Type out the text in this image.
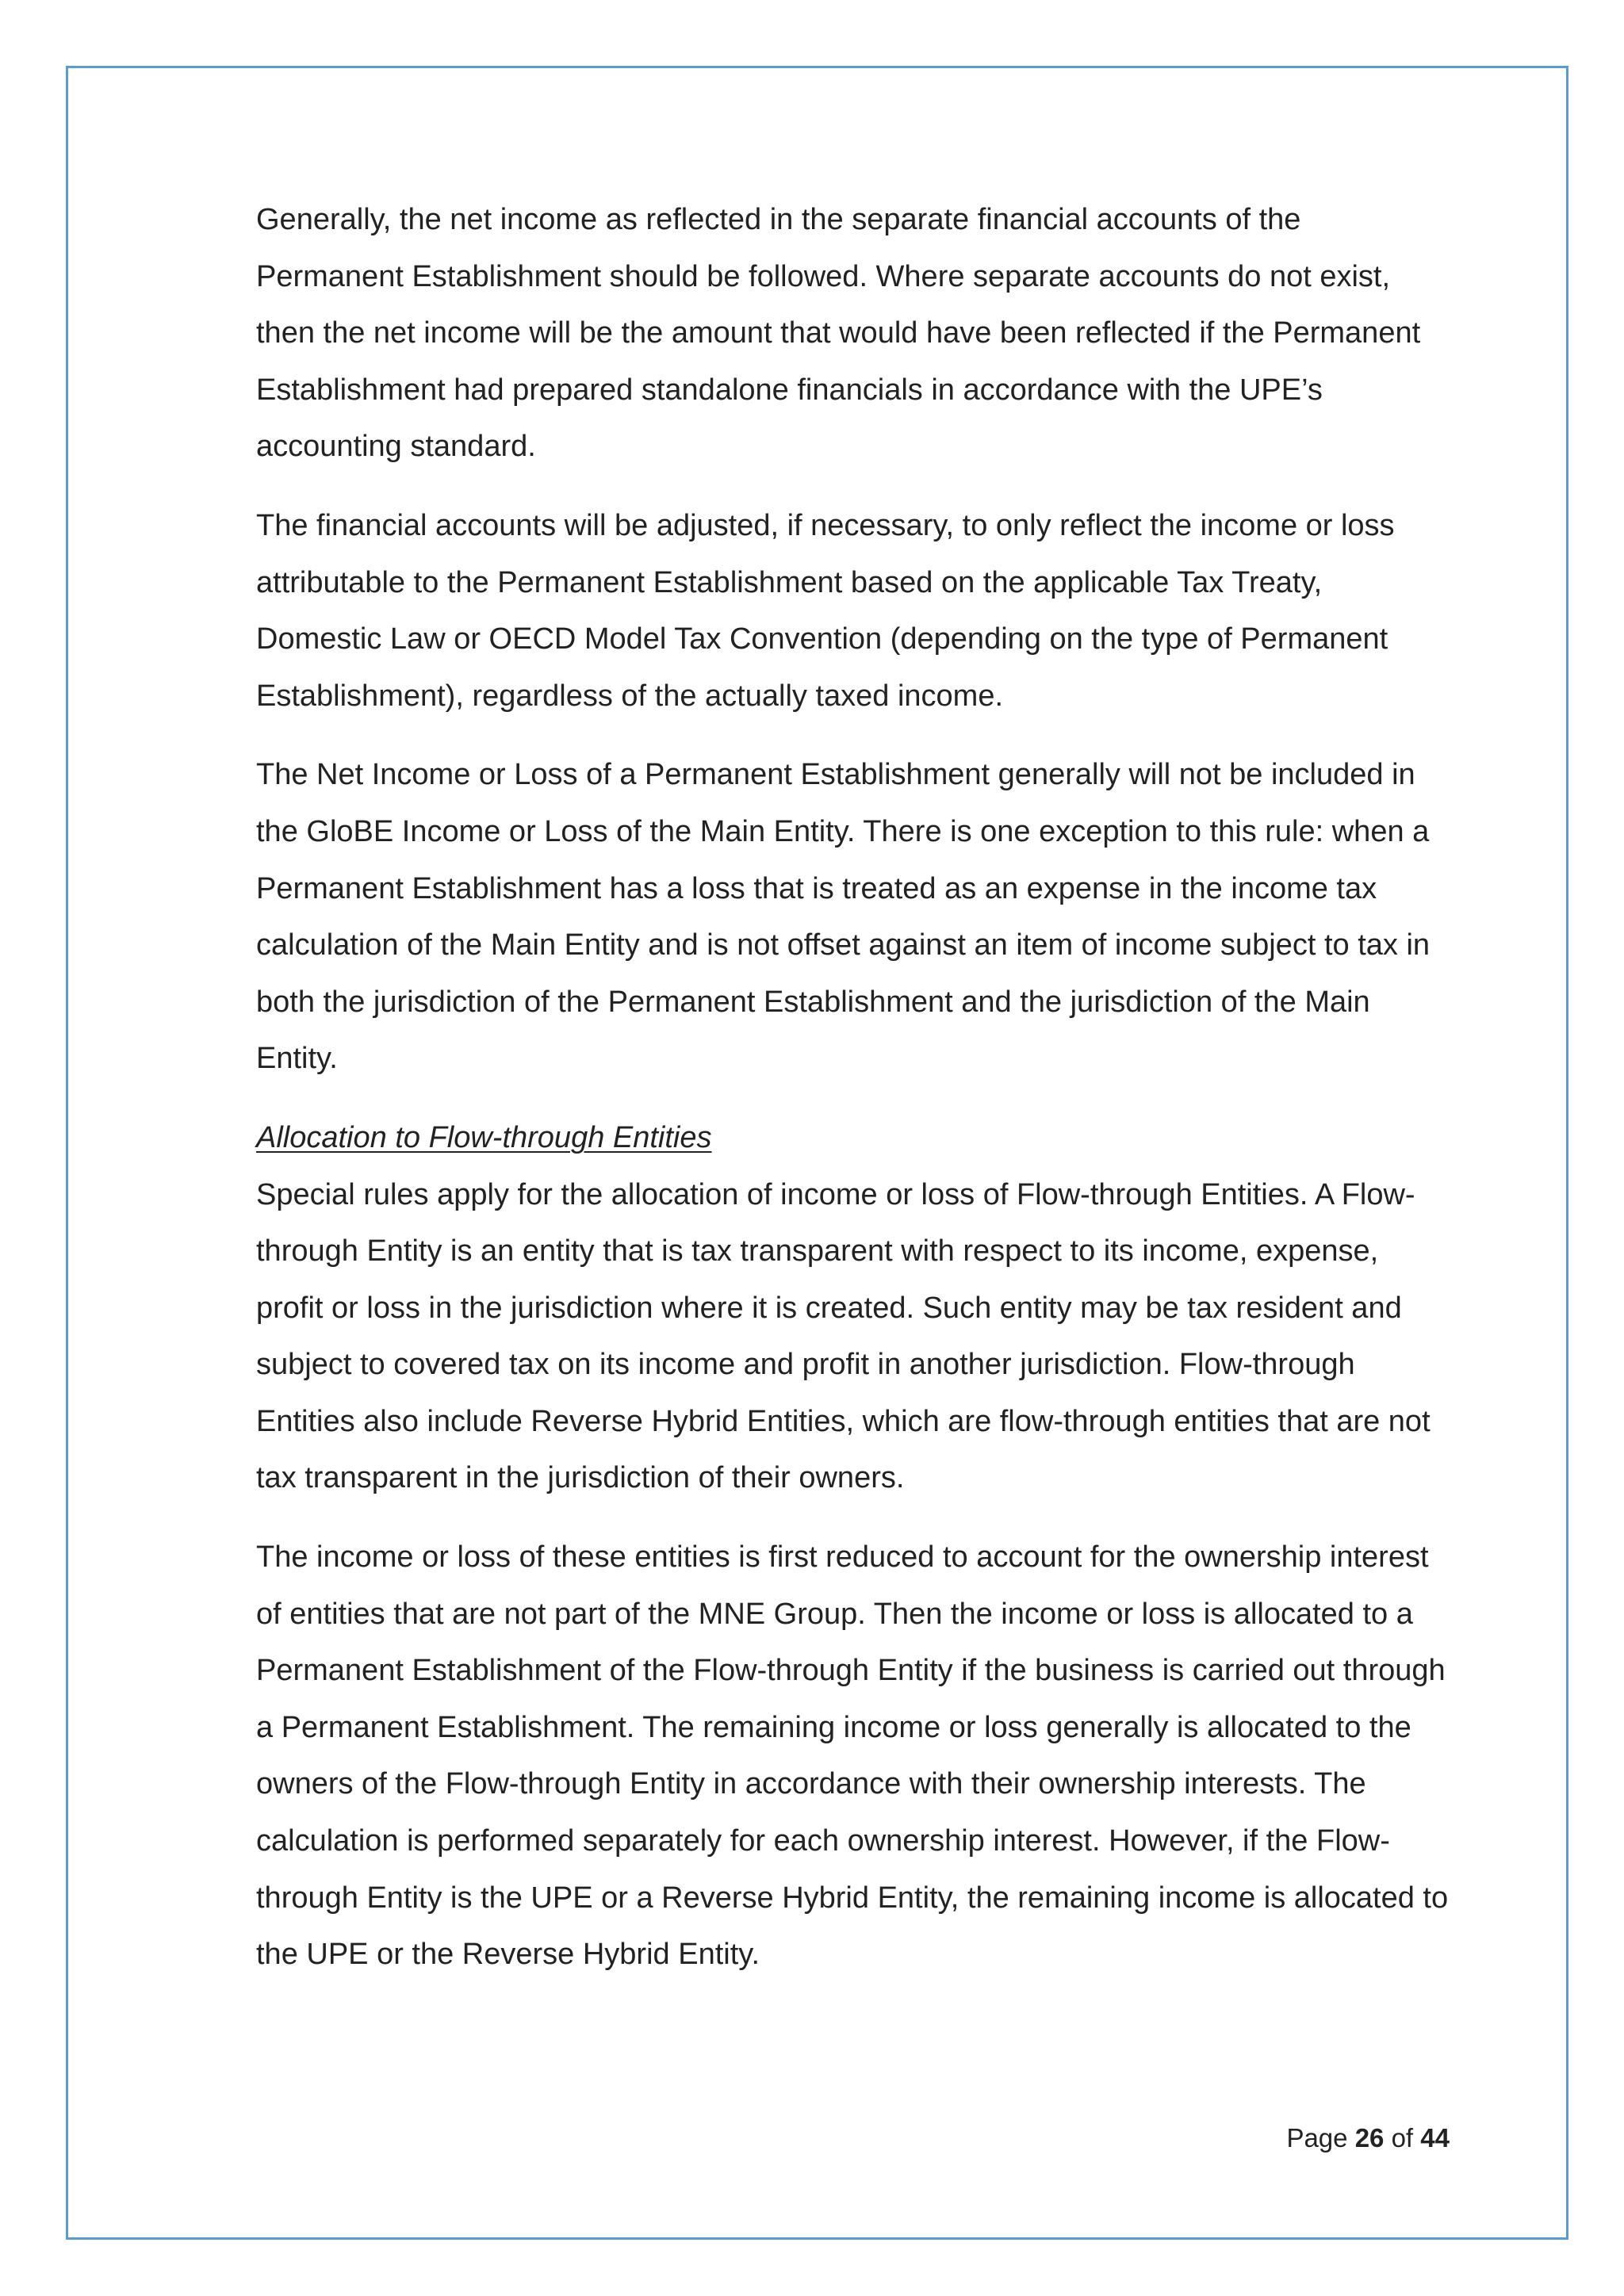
Generally, the net income as reflected in the separate financial accounts of the Permanent Establishment should be followed. Where separate accounts do not exist, then the net income will be the amount that would have been reflected if the Permanent Establishment had prepared standalone financials in accordance with the UPE’s accounting standard.

The financial accounts will be adjusted, if necessary, to only reflect the income or loss attributable to the Permanent Establishment based on the applicable Tax Treaty, Domestic Law or OECD Model Tax Convention (depending on the type of Permanent Establishment), regardless of the actually taxed income.

The Net Income or Loss of a Permanent Establishment generally will not be included in the GloBE Income or Loss of the Main Entity. There is one exception to this rule: when a Permanent Establishment has a loss that is treated as an expense in the income tax calculation of the Main Entity and is not offset against an item of income subject to tax in both the jurisdiction of the Permanent Establishment and the jurisdiction of the Main Entity.

Allocation to Flow-through Entities

Special rules apply for the allocation of income or loss of Flow-through Entities. A Flow-through Entity is an entity that is tax transparent with respect to its income, expense, profit or loss in the jurisdiction where it is created. Such entity may be tax resident and subject to covered tax on its income and profit in another jurisdiction. Flow-through Entities also include Reverse Hybrid Entities, which are flow-through entities that are not tax transparent in the jurisdiction of their owners.

The income or loss of these entities is first reduced to account for the ownership interest of entities that are not part of the MNE Group. Then the income or loss is allocated to a Permanent Establishment of the Flow-through Entity if the business is carried out through a Permanent Establishment. The remaining income or loss generally is allocated to the owners of the Flow-through Entity in accordance with their ownership interests. The calculation is performed separately for each ownership interest. However, if the Flow-through Entity is the UPE or a Reverse Hybrid Entity, the remaining income is allocated to the UPE or the Reverse Hybrid Entity.

Page 26 of 44
